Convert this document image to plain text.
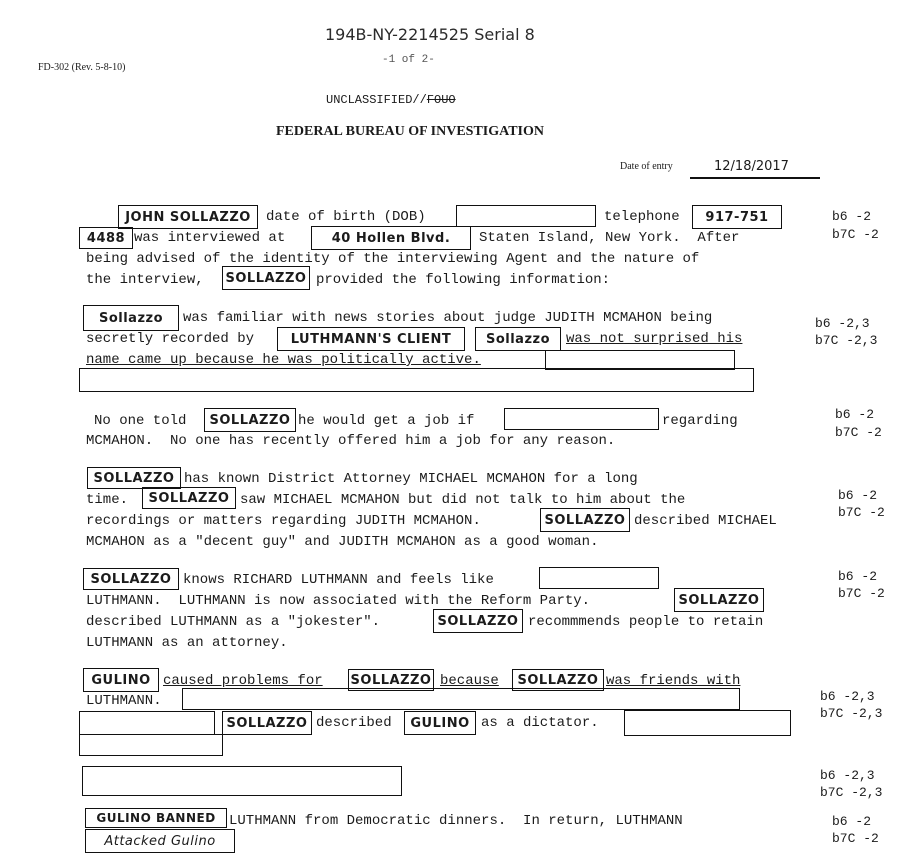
194B-NY-2214525 Serial 8
-1 of 2-
FD-302 (Rev. 5-8-10)
UNCLASSIFIED//FOUO
FEDERAL BUREAU OF INVESTIGATION
Date of entry	12/18/2017
JOHN SOLLAZZO	date of birth (DOB)	telephone	917-751
4488 was interviewed at	40 Hollen Blvd.	Staten Island, New York.  After
being advised of the identity of the interviewing Agent and the nature of
the interview, SOLLAZZO provided the following information:
b6 -2
b7C -2
Sollazzo	was familiar with news stories about judge JUDITH MCMAHON being
secretly recorded by	LUTHMANN'S CLIENT	Sollazzo	was not surprised his
name came up because he was politically active.
b6 -2,3
b7C -2,3
No one told	SOLLAZZO he would get a job if	regarding
MCMAHON.  No one has recently offered him a job for any reason.
b6 -2
b7C -2
SOLLAZZO has known District Attorney MICHAEL MCMAHON for a long
time.	SOLLAZZO saw MICHAEL MCMAHON but did not talk to him about the
recordings or matters regarding JUDITH MCMAHON.	SOLLAZZO described MICHAEL
MCMAHON as a "decent guy" and JUDITH MCMAHON as a good woman.
b6 -2
b7C -2
SOLLAZZO knows RICHARD LUTHMANN and feels like
LUTHMANN.  LUTHMANN is now associated with the Reform Party.	SOLLAZZO
described LUTHMANN as a "jokester".	SOLLAZZO recommmends people to retain
LUTHMANN as an attorney.
b6 -2
b7C -2
GULINO caused problems for SOLLAZZO because	SOLLAZZO was friends with
LUTHMANN.
SOLLAZZO described	GULINO as a dictator.
b6 -2,3
b7C -2,3
b6 -2,3
b7C -2,3
GULINO BANNED LUTHMANN from Democratic dinners.  In return, LUTHMANN
Attacked Gulino
b6 -2
b7C -2
